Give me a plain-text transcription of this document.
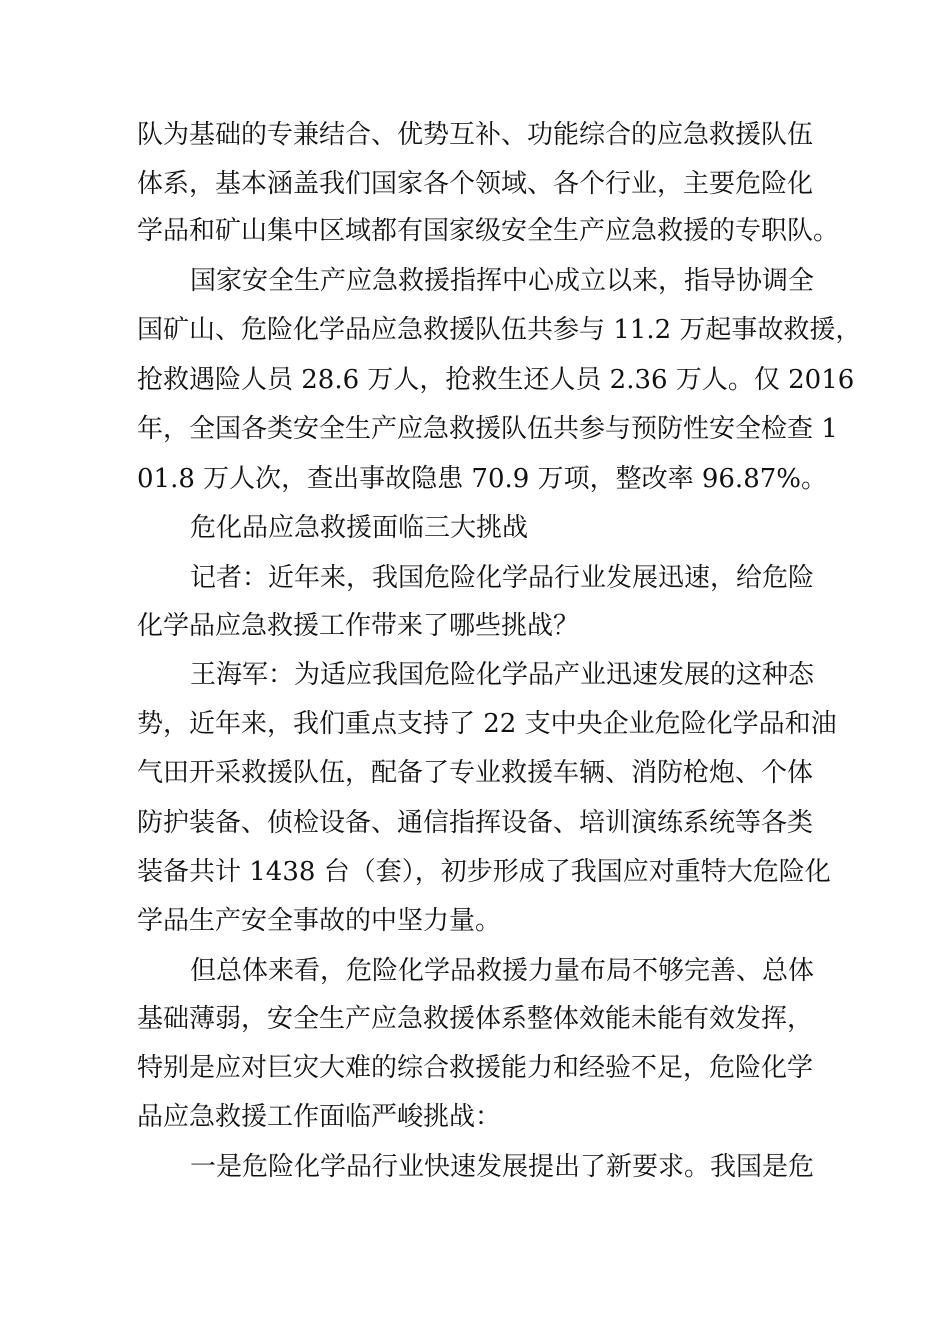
队为基础的专兼结合、优势互补、功能综合的应急救援队伍
体系，基本涵盖我们国家各个领域、各个行业，主要危险化
学品和矿山集中区域都有国家级安全生产应急救援的专职队。
国家安全生产应急救援指挥中心成立以来，指导协调全
国矿山、危险化学品应急救援队伍共参与 11.2 万起事故救援，
抢救遇险人员 28.6 万人，抢救生还人员 2.36 万人。仅 2016
年，全国各类安全生产应急救援队伍共参与预防性安全检查 1
01.8 万人次，查出事故隐患 70.9 万项，整改率 96.87%。
危化品应急救援面临三大挑战
记者：近年来，我国危险化学品行业发展迅速，给危险
化学品应急救援工作带来了哪些挑战？
王海军：为适应我国危险化学品产业迅速发展的这种态
势，近年来，我们重点支持了 22 支中央企业危险化学品和油
气田开采救援队伍，配备了专业救援车辆、消防枪炮、个体
防护装备、侦检设备、通信指挥设备、培训演练系统等各类
装备共计 1438 台（套），初步形成了我国应对重特大危险化
学品生产安全事故的中坚力量。
但总体来看，危险化学品救援力量布局不够完善、总体
基础薄弱，安全生产应急救援体系整体效能未能有效发挥，
特别是应对巨灾大难的综合救援能力和经验不足，危险化学
品应急救援工作面临严峻挑战：
一是危险化学品行业快速发展提出了新要求。我国是危
